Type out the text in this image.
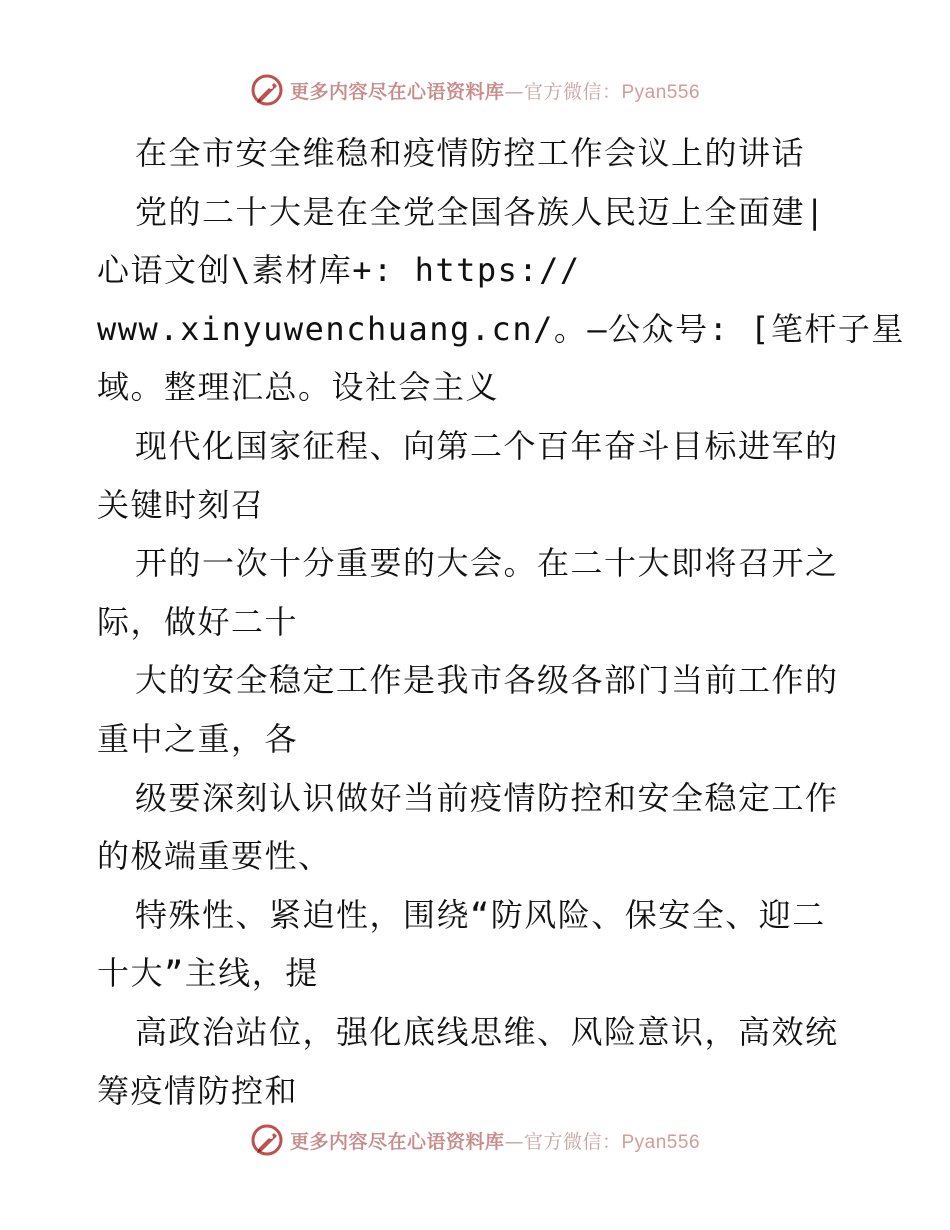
更多内容尽在心语资料库—官方微信：Pyan556
在全市安全维稳和疫情防控工作会议上的讲话
党的二十大是在全党全国各族人民迈上全面建|
心语文创\素材库+: https://
www.xinyuwenchuang.cn/。—公众号: [笔杆子星
域。整理汇总。设社会主义
现代化国家征程、向第二个百年奋斗目标进军的
关键时刻召
开的一次十分重要的大会。在二十大即将召开之
际，做好二十
大的安全稳定工作是我市各级各部门当前工作的
重中之重，各
级要深刻认识做好当前疫情防控和安全稳定工作
的极端重要性、
特殊性、紧迫性，围绕“防风险、保安全、迎二
十大”主线，提
高政治站位，强化底线思维、风险意识，高效统
筹疫情防控和
更多内容尽在心语资料库—官方微信：Pyan556
